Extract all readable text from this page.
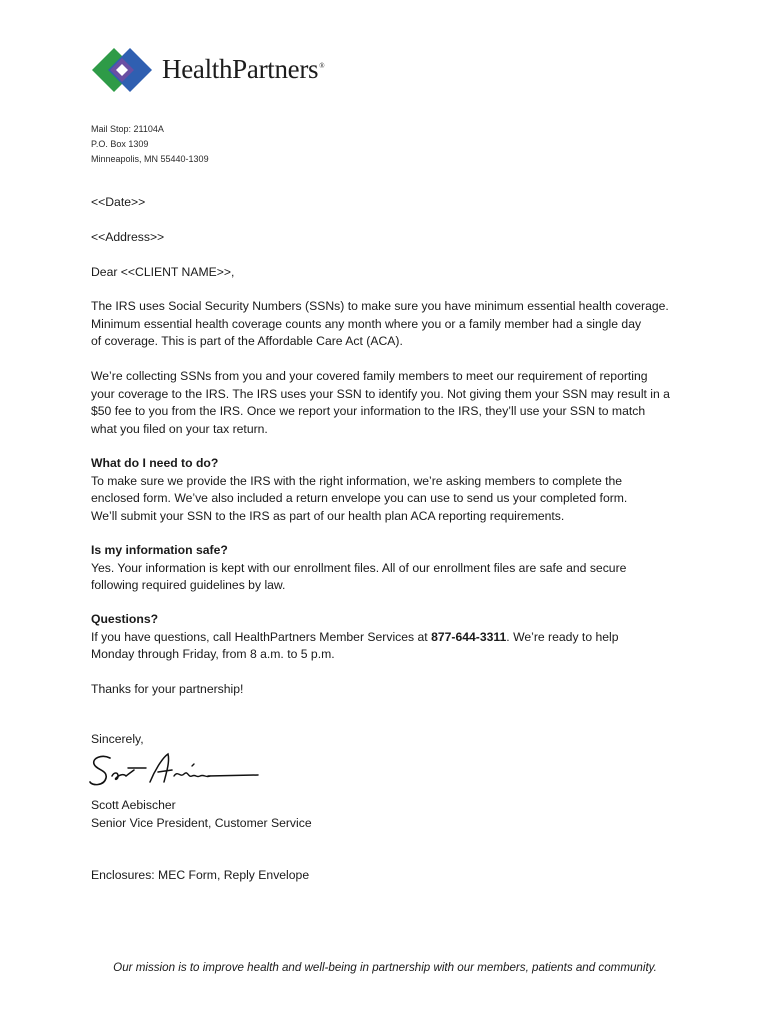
HealthPartners®
Mail Stop: 21104A
P.O. Box 1309
Minneapolis, MN 55440-1309
<<Date>>
<<Address>>
Dear <<CLIENT NAME>>,
The IRS uses Social Security Numbers (SSNs) to make sure you have minimum essential health coverage.
Minimum essential health coverage counts any month where you or a family member had a single day
of coverage. This is part of the Affordable Care Act (ACA).
We’re collecting SSNs from you and your covered family members to meet our requirement of reporting
your coverage to the IRS. The IRS uses your SSN to identify you. Not giving them your SSN may result in a
$50 fee to you from the IRS. Once we report your information to the IRS, they’ll use your SSN to match
what you filed on your tax return.
What do I need to do?
To make sure we provide the IRS with the right information, we’re asking members to complete the
enclosed form. We’ve also included a return envelope you can use to send us your completed form.
We’ll submit your SSN to the IRS as part of our health plan ACA reporting requirements.
Is my information safe?
Yes. Your information is kept with our enrollment files. All of our enrollment files are safe and secure
following required guidelines by law.
Questions?
If you have questions, call HealthPartners Member Services at 877-644-3311. We’re ready to help
Monday through Friday, from 8 a.m. to 5 p.m.
Thanks for your partnership!
Sincerely,
Scott Aebischer
Senior Vice President, Customer Service
Enclosures: MEC Form, Reply Envelope
Our mission is to improve health and well-being in partnership with our members, patients and community.
